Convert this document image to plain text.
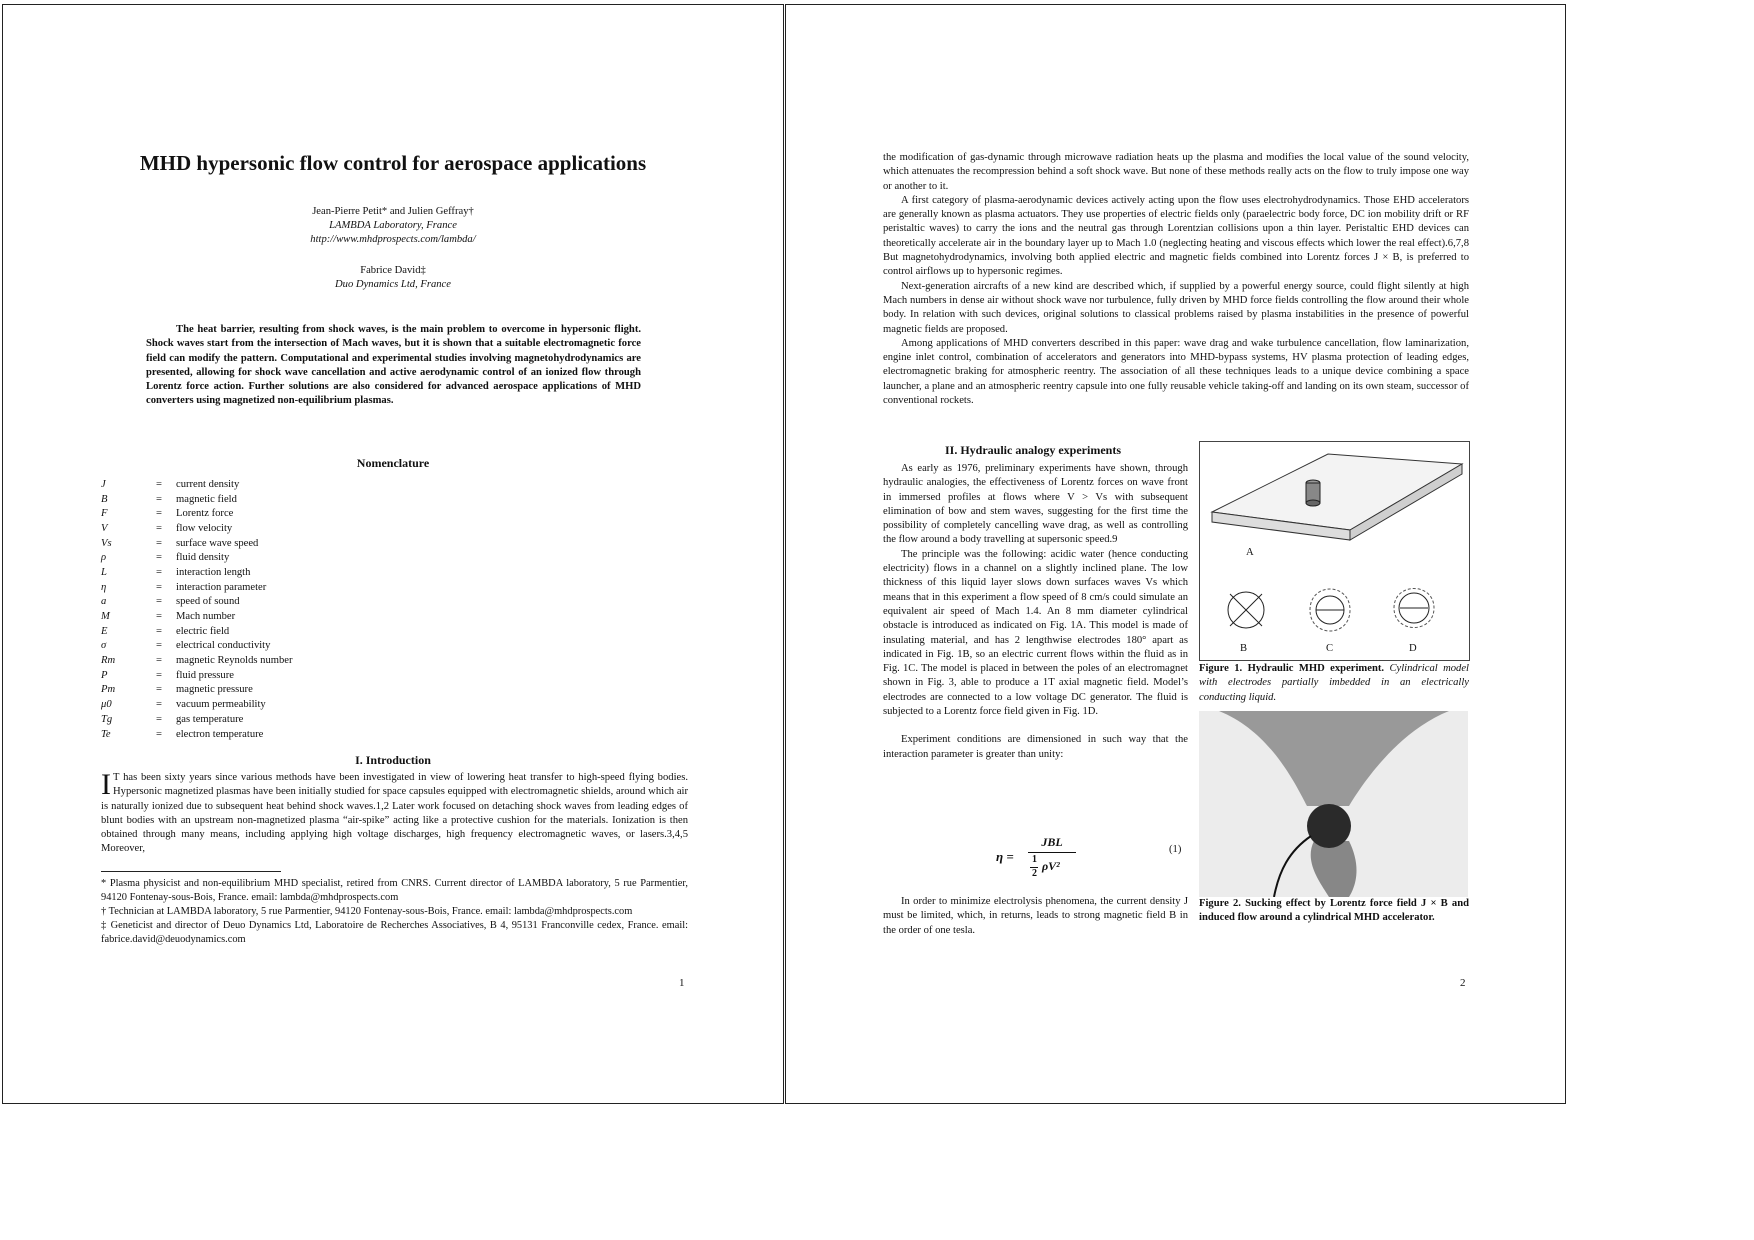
MHD hypersonic flow control for aerospace applications
Jean-Pierre Petit* and Julien Geffray†
LAMBDA Laboratory, France
http://www.mhdprospects.com/lambda/
Fabrice David‡
Duo Dynamics Ltd, France
The heat barrier, resulting from shock waves, is the main problem to overcome in hypersonic flight. Shock waves start from the intersection of Mach waves, but it is shown that a suitable electromagnetic force field can modify the pattern. Computational and experimental studies involving magnetohydrodynamics are presented, allowing for shock wave cancellation and active aerodynamic control of an ionized flow through Lorentz force action. Further solutions are also considered for advanced aerospace applications of MHD converters using magnetized non-equilibrium plasmas.
Nomenclature
J	=	current density
B	=	magnetic field
F	=	Lorentz force
V	=	flow velocity
Vs	=	surface wave speed
ρ	=	fluid density
L	=	interaction length
η	=	interaction parameter
a	=	speed of sound
M	=	Mach number
E	=	electric field
σ	=	electrical conductivity
Rm	=	magnetic Reynolds number
P	=	fluid pressure
Pm	=	magnetic pressure
μ0	=	vacuum permeability
Tg	=	gas temperature
Te	=	electron temperature
I. Introduction
I T has been sixty years since various methods have been investigated in view of lowering heat transfer to high-speed flying bodies. Hypersonic magnetized plasmas have been initially studied for space capsules equipped with electromagnetic shields, around which air is naturally ionized due to subsequent heat behind shock waves.1,2 Later work focused on detaching shock waves from leading edges of blunt bodies with an upstream non-magnetized plasma “air-spike” acting like a protective cushion for the materials. Ionization is then obtained through many means, including applying high voltage discharges, high frequency electromagnetic waves, or lasers.3,4,5 Moreover,
* Plasma physicist and non-equilibrium MHD specialist, retired from CNRS. Current director of LAMBDA laboratory, 5 rue Parmentier, 94120 Fontenay-sous-Bois, France. email: lambda@mhdprospects.com
† Technician at LAMBDA laboratory, 5 rue Parmentier, 94120 Fontenay-sous-Bois, France. email: lambda@mhdprospects.com
‡ Geneticist and director of Deuo Dynamics Ltd, Laboratoire de Recherches Associatives, B 4, 95131 Franconville cedex, France. email: fabrice.david@deuodynamics.com
1
the modification of gas-dynamic through microwave radiation heats up the plasma and modifies the local value of the sound velocity, which attenuates the recompression behind a soft shock wave. But none of these methods really acts on the flow to truly impose one way or another to it.
A first category of plasma-aerodynamic devices actively acting upon the flow uses electrohydrodynamics. Those EHD accelerators are generally known as plasma actuators. They use properties of electric fields only (paraelectric body force, DC ion mobility drift or RF peristaltic waves) to carry the ions and the neutral gas through Lorentzian collisions upon a thin layer. Peristaltic EHD devices can theoretically accelerate air in the boundary layer up to Mach 1.0 (neglecting heating and viscous effects which lower the real effect).6,7,8 But magnetohydrodynamics, involving both applied electric and magnetic fields combined into Lorentz forces J × B, is preferred to control airflows up to hypersonic regimes.
Next-generation aircrafts of a new kind are described which, if supplied by a powerful energy source, could flight silently at high Mach numbers in dense air without shock wave nor turbulence, fully driven by MHD force fields controlling the flow around their whole body. In relation with such devices, original solutions to classical problems raised by plasma instabilities in the presence of powerful magnetic fields are proposed.
Among applications of MHD converters described in this paper: wave drag and wake turbulence cancellation, flow laminarization, engine inlet control, combination of accelerators and generators into MHD-bypass systems, HV plasma protection of leading edges, electromagnetic braking for atmospheric reentry. The association of all these techniques leads to a unique device combining a space launcher, a plane and an atmospheric reentry capsule into one fully reusable vehicle taking-off and landing on its own steam, successor of conventional rockets.
II. Hydraulic analogy experiments
As early as 1976, preliminary experiments have shown, through hydraulic analogies, the effectiveness of Lorentz forces on wave front in immersed profiles at flows where V > Vs with subsequent elimination of bow and stem waves, suggesting for the first time the possibility of completely cancelling wave drag, as well as controlling the flow around a body travelling at supersonic speed.9
The principle was the following: acidic water (hence conducting electricity) flows in a channel on a slightly inclined plane. The low thickness of this liquid layer slows down surfaces waves Vs which means that in this experiment a flow speed of 8 cm/s could simulate an equivalent air speed of Mach 1.4. An 8 mm diameter cylindrical obstacle is introduced as indicated on Fig. 1A. This model is made of insulating material, and has 2 lengthwise electrodes 180° apart as indicated in Fig. 1B, so an electric current flows within the fluid as in Fig. 1C. The model is placed in between the poles of an electromagnet shown in Fig. 3, able to produce a 1T axial magnetic field. Model’s electrodes are connected to a low voltage DC generator. The fluid is subjected to a Lorentz force field given in Fig. 1D.
Experiment conditions are dimensioned in such way that the interaction parameter is greater than unity:
η =
JBL
1
2
ρV²
(1)
In order to minimize electrolysis phenomena, the current density J must be limited, which, in returns, leads to strong magnetic field B in the order of one tesla.
A
B	C	D
Figure 1. Hydraulic MHD experiment. Cylindrical model with electrodes partially imbedded in an electrically conducting liquid.
Figure 2. Sucking effect by Lorentz force field J × B and induced flow around a cylindrical MHD accelerator.
2
